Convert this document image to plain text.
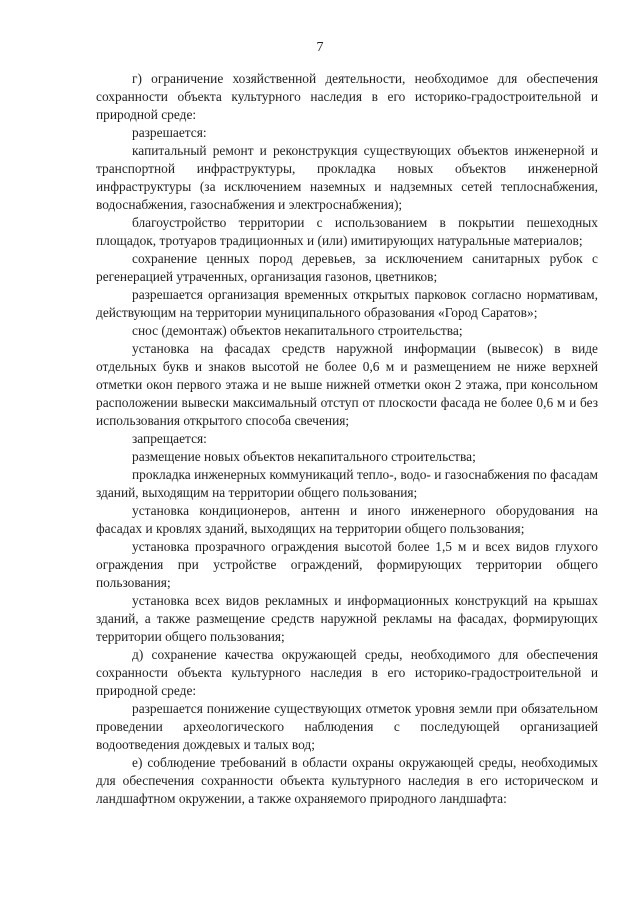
7

г) ограничение хозяйственной деятельности, необходимое для обеспечения сохранности объекта культурного наследия в его историко-градостроительной и природной среде:

разрешается:

капитальный ремонт и реконструкция существующих объектов инженерной и транспортной инфраструктуры, прокладка новых объектов инженерной инфраструктуры (за исключением наземных и надземных сетей теплоснабжения, водоснабжения, газоснабжения и электроснабжения);

благоустройство территории с использованием в покрытии пешеходных площадок, тротуаров традиционных и (или) имитирующих натуральные материалов;

сохранение ценных пород деревьев, за исключением санитарных рубок с регенерацией утраченных, организация газонов, цветников;

разрешается организация временных открытых парковок согласно нормативам, действующим на территории муниципального образования «Город Саратов»;

снос (демонтаж) объектов некапитального строительства;

установка на фасадах средств наружной информации (вывесок) в виде отдельных букв и знаков высотой не более 0,6 м и размещением не ниже верхней отметки окон первого этажа и не выше нижней отметки окон 2 этажа, при консольном расположении вывески максимальный отступ от плоскости фасада не более 0,6 м и без использования открытого способа свечения;

запрещается:

размещение новых объектов некапитального строительства;

прокладка инженерных коммуникаций тепло-, водо- и газоснабжения по фасадам зданий, выходящим на территории общего пользования;

установка кондиционеров, антенн и иного инженерного оборудования на фасадах и кровлях зданий, выходящих на территории общего пользования;

установка прозрачного ограждения высотой более 1,5 м и всех видов глухого ограждения при устройстве ограждений, формирующих территории общего пользования;

установка всех видов рекламных и информационных конструкций на крышах зданий, а также размещение средств наружной рекламы на фасадах, формирующих территории общего пользования;

д) сохранение качества окружающей среды, необходимого для обеспечения сохранности объекта культурного наследия в его историко-градостроительной и природной среде:

разрешается понижение существующих отметок уровня земли при обязательном проведении археологического наблюдения с последующей организацией водоотведения дождевых и талых вод;

е) соблюдение требований в области охраны окружающей среды, необходимых для обеспечения сохранности объекта культурного наследия в его историческом и ландшафтном окружении, а также охраняемого природного ландшафта:
